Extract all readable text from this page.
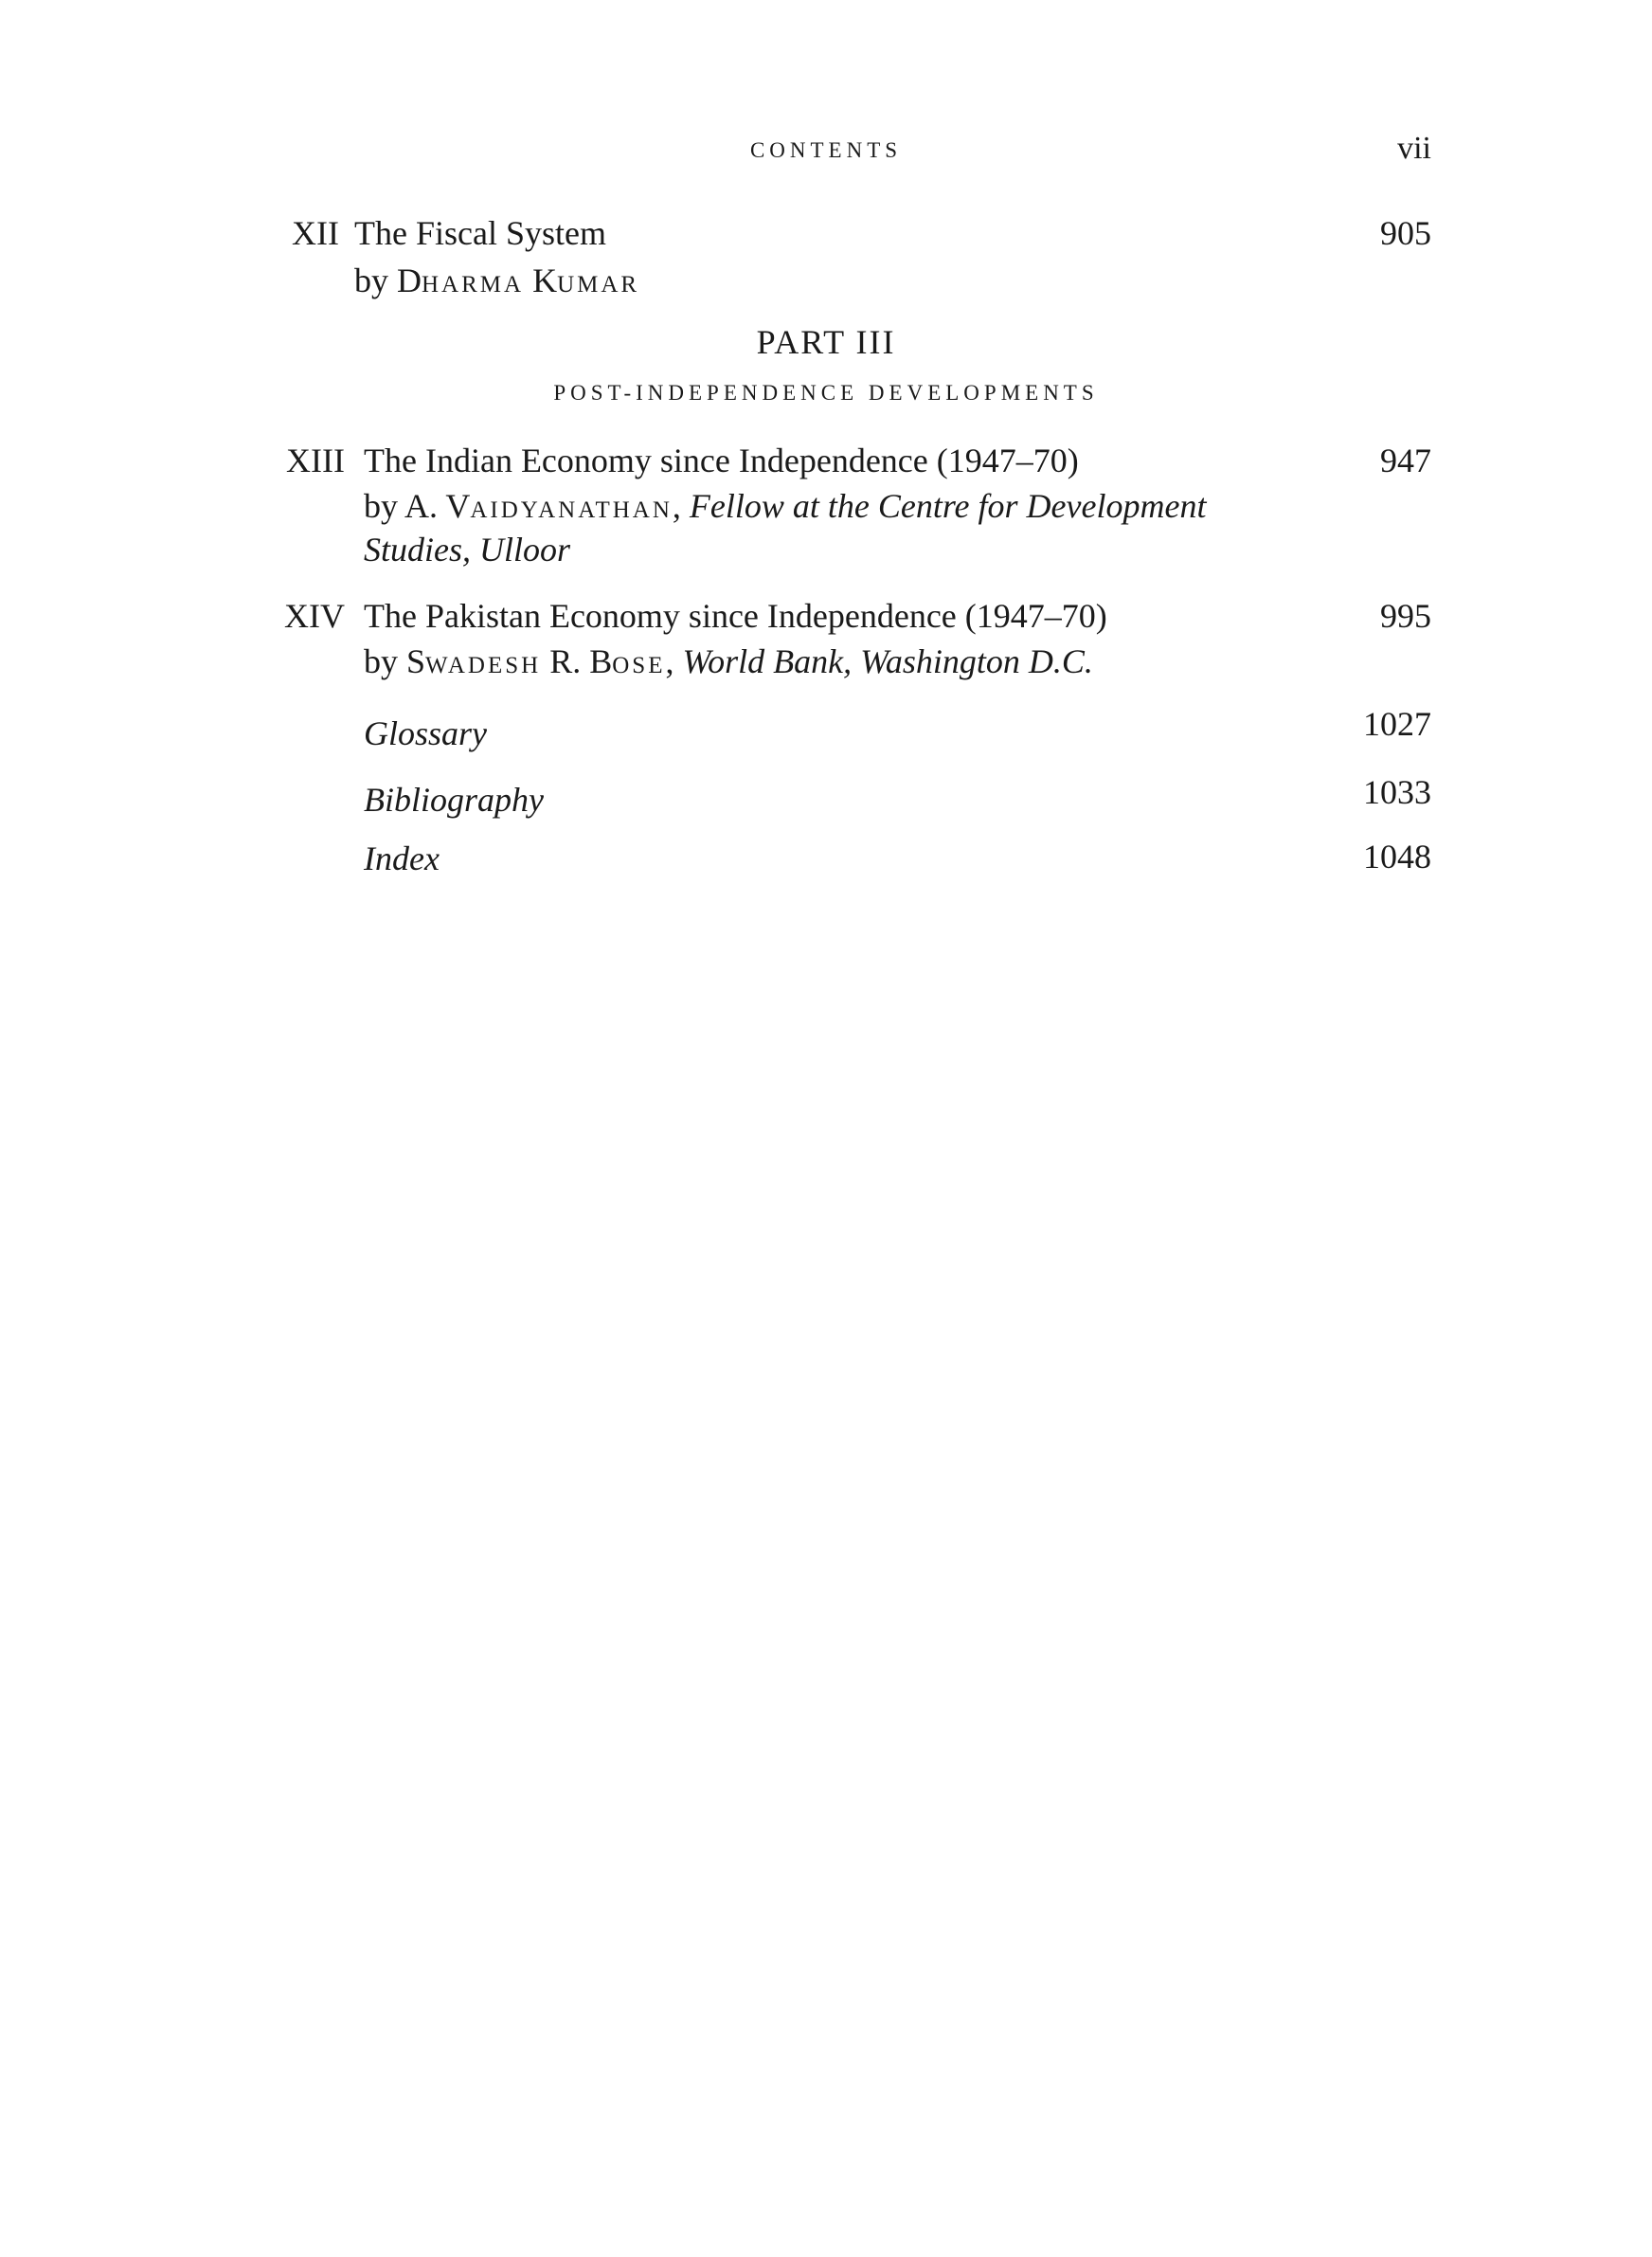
CONTENTS	vii
XII The Fiscal System	905
by DHARMA KUMAR
PART III
POST-INDEPENDENCE DEVELOPMENTS
XIII The Indian Economy since Independence (1947–70)	947
by A. VAIDYANATHAN, Fellow at the Centre for Development
Studies, Ulloor
XIV The Pakistan Economy since Independence (1947–70)	995
by SWADESH R. BOSE, World Bank, Washington D.C.
Glossary	1027
Bibliography	1033
Index	1048
